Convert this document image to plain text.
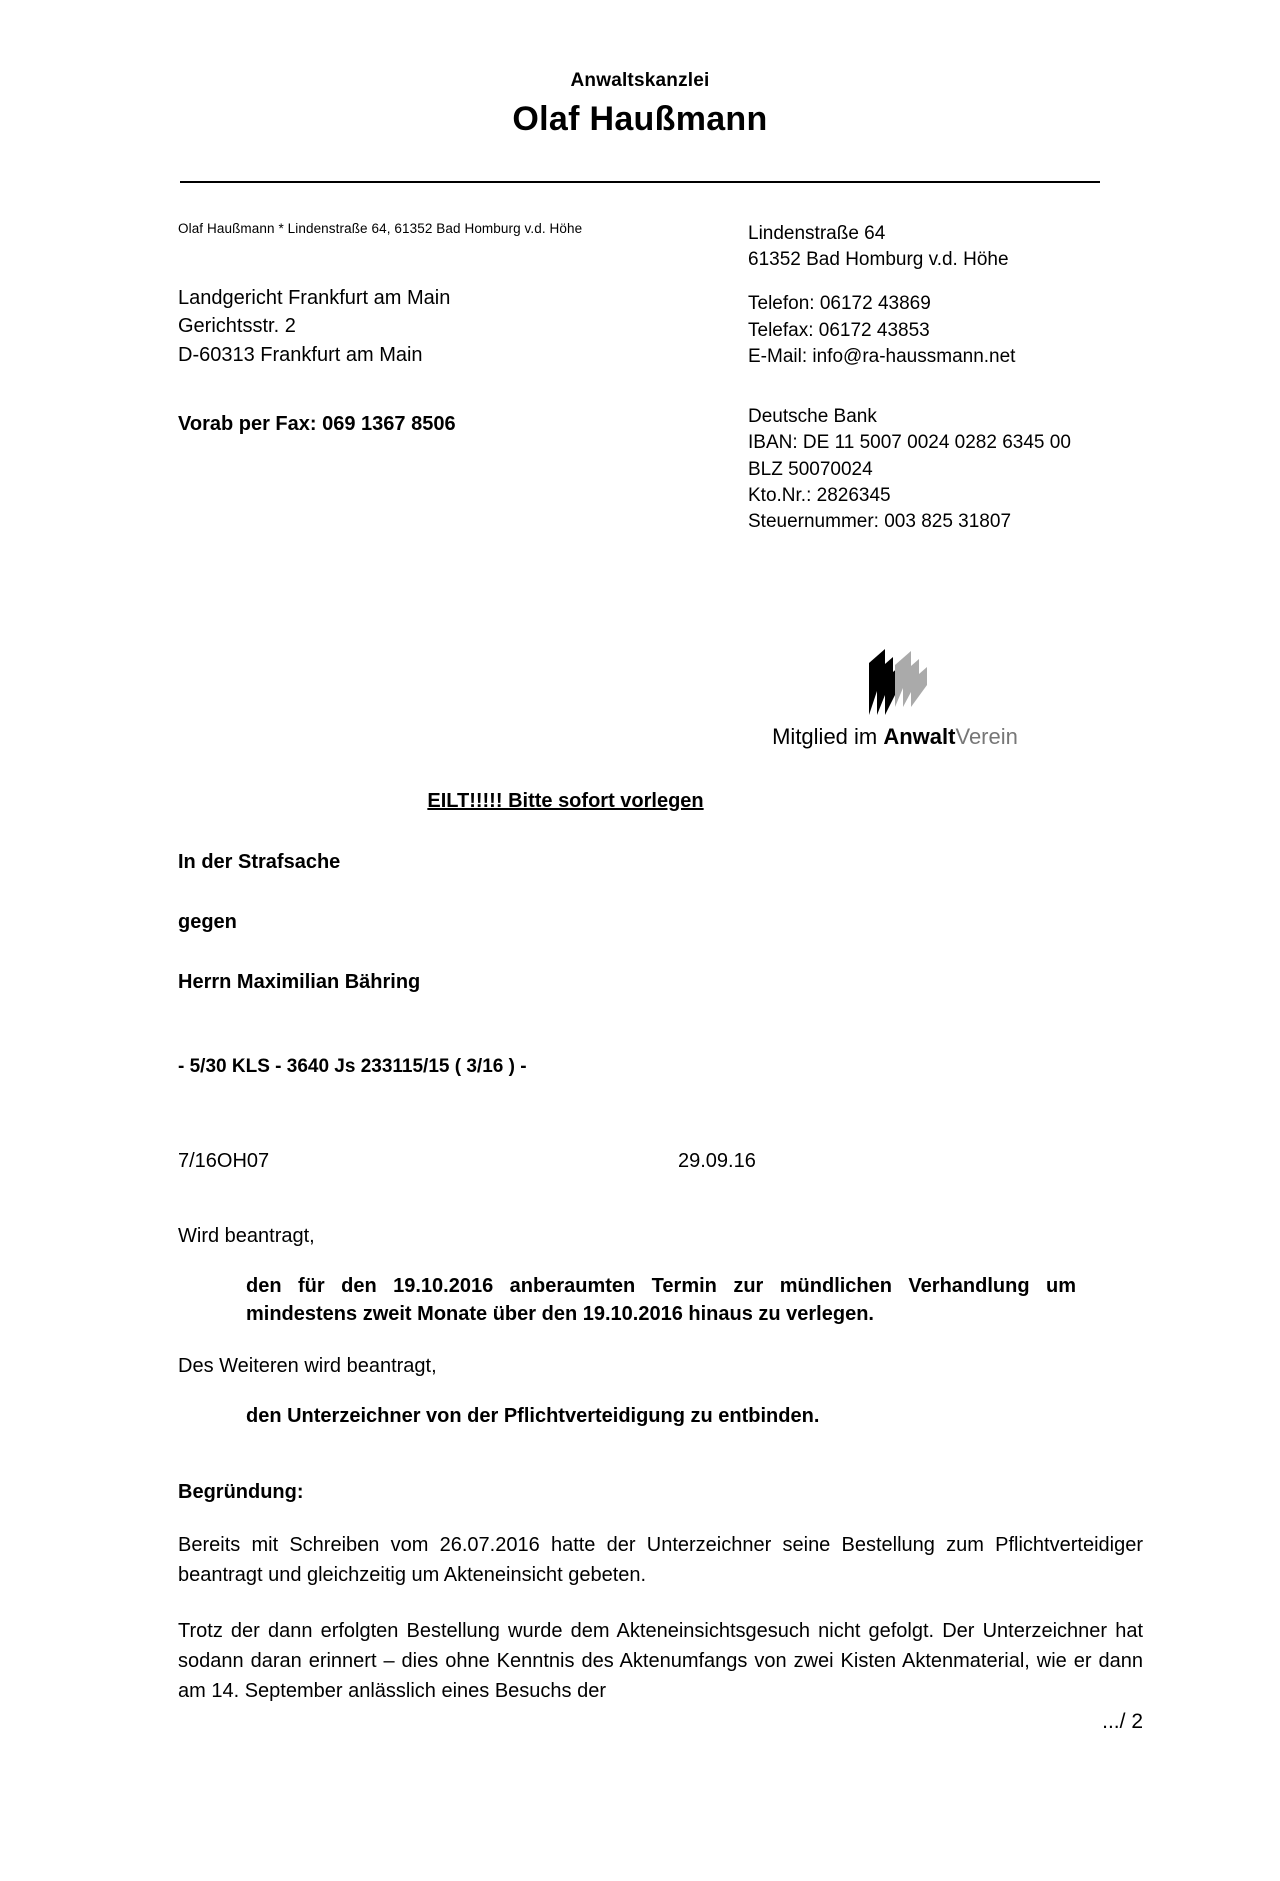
Anwaltskanzlei
Olaf Haußmann
Olaf Haußmann * Lindenstraße 64, 61352 Bad Homburg v.d. Höhe
Landgericht Frankfurt am Main
Gerichtsstr. 2
D-60313 Frankfurt am Main
Vorab per Fax: 069 1367 8506
Lindenstraße 64
61352 Bad Homburg v.d. Höhe
Telefon: 06172 43869
Telefax: 06172 43853
E-Mail: info@ra-haussmann.net
Deutsche Bank
IBAN: DE 11 5007 0024 0282 6345 00
BLZ 50070024
Kto.Nr.: 2826345
Steuernummer: 003 825 31807
Mitglied im AnwaltVerein
EILT!!!!! Bitte sofort vorlegen
In der Strafsache
gegen
Herrn Maximilian Bähring
- 5/30 KLS - 3640 Js 233115/15 ( 3/16 ) -
7/16OH07	29.09.16
Wird beantragt,
den für den 19.10.2016 anberaumten Termin zur mündlichen Verhandlung um mindestens zweit Monate über den 19.10.2016 hinaus zu verlegen.
Des Weiteren wird beantragt,
den Unterzeichner von der Pflichtverteidigung zu entbinden.
Begründung:
Bereits mit Schreiben vom 26.07.2016 hatte der Unterzeichner seine Bestellung zum Pflichtverteidiger beantragt und gleichzeitig um Akteneinsicht gebeten.
Trotz der dann erfolgten Bestellung wurde dem Akteneinsichtsgesuch nicht gefolgt. Der Unterzeichner hat sodann daran erinnert – dies ohne Kenntnis des Aktenumfangs von zwei Kisten Aktenmaterial, wie er dann am 14. September anlässlich eines Besuchs der
.../ 2
